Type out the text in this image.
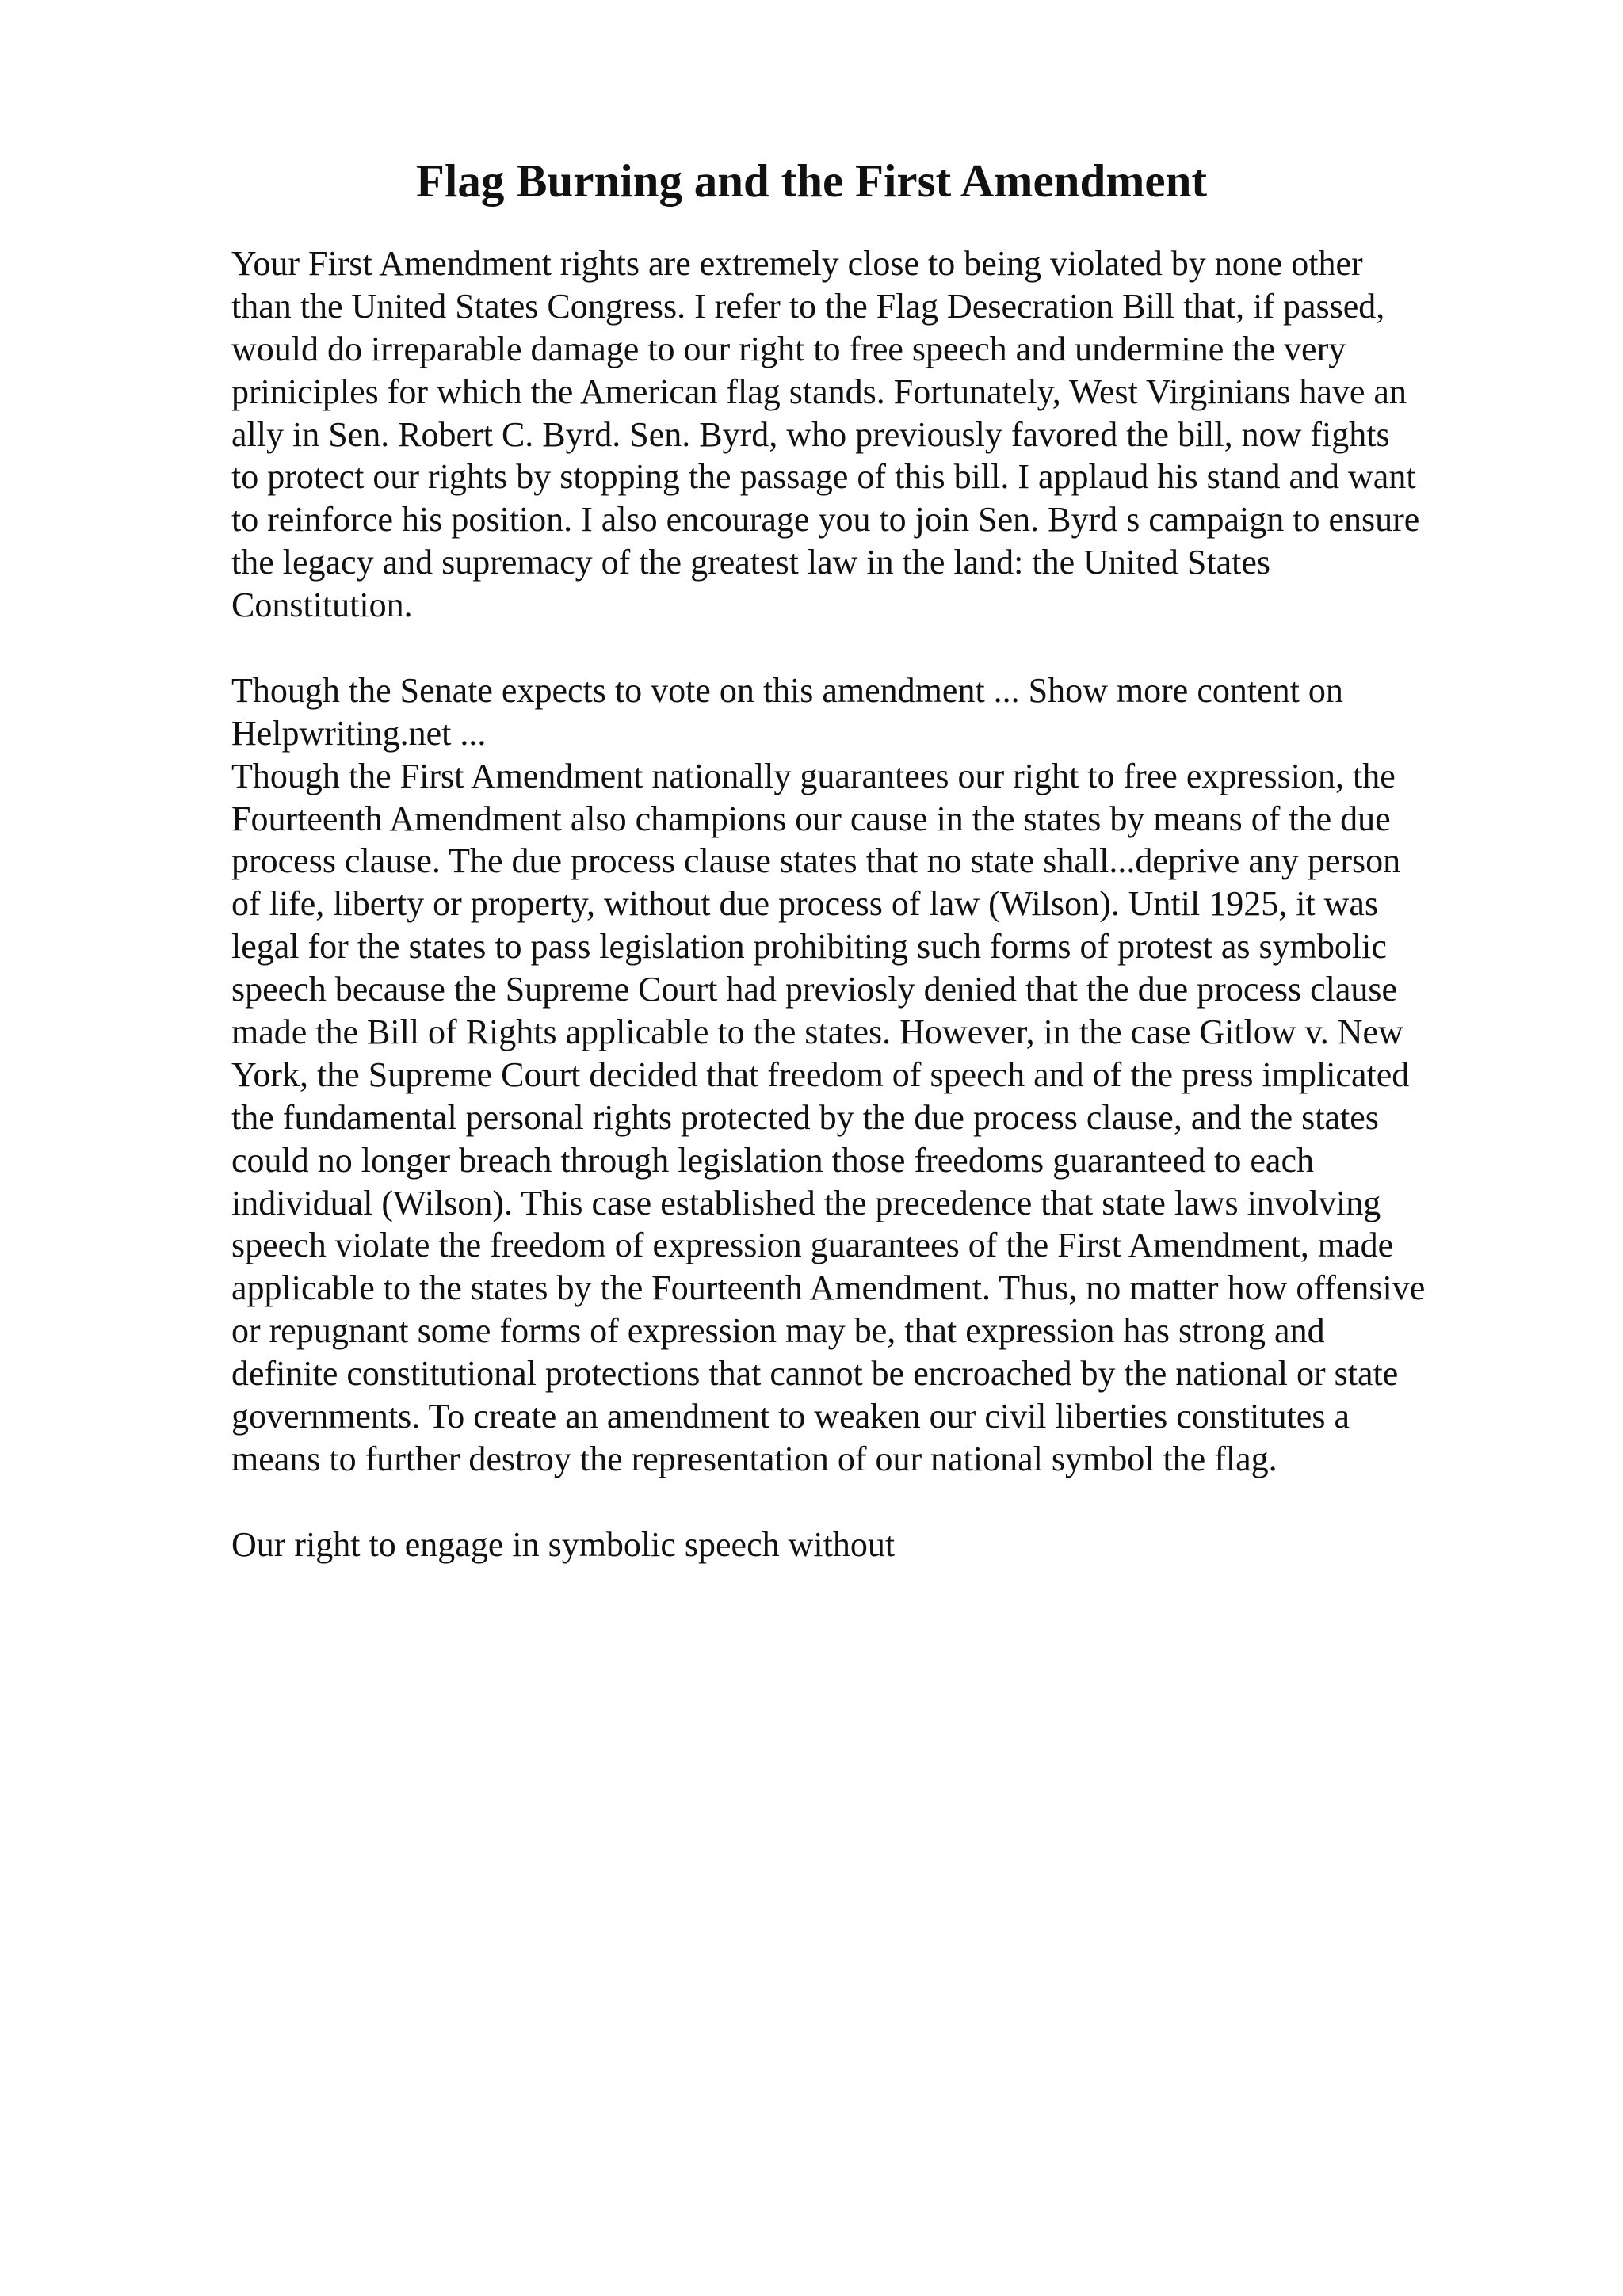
Flag Burning and the First Amendment
Your First Amendment rights are extremely close to being violated by none other
than the United States Congress. I refer to the Flag Desecration Bill that, if passed,
would do irreparable damage to our right to free speech and undermine the very
priniciples for which the American flag stands. Fortunately, West Virginians have an
ally in Sen. Robert C. Byrd. Sen. Byrd, who previously favored the bill, now fights
to protect our rights by stopping the passage of this bill. I applaud his stand and want
to reinforce his position. I also encourage you to join Sen. Byrd s campaign to ensure
the legacy and supremacy of the greatest law in the land: the United States
Constitution.
Though the Senate expects to vote on this amendment ... Show more content on
Helpwriting.net ...
Though the First Amendment nationally guarantees our right to free expression, the
Fourteenth Amendment also champions our cause in the states by means of the due
process clause. The due process clause states that no state shall...deprive any person
of life, liberty or property, without due process of law (Wilson). Until 1925, it was
legal for the states to pass legislation prohibiting such forms of protest as symbolic
speech because the Supreme Court had previosly denied that the due process clause
made the Bill of Rights applicable to the states. However, in the case Gitlow v. New
York, the Supreme Court decided that freedom of speech and of the press implicated
the fundamental personal rights protected by the due process clause, and the states
could no longer breach through legislation those freedoms guaranteed to each
individual (Wilson). This case established the precedence that state laws involving
speech violate the freedom of expression guarantees of the First Amendment, made
applicable to the states by the Fourteenth Amendment. Thus, no matter how offensive
or repugnant some forms of expression may be, that expression has strong and
definite constitutional protections that cannot be encroached by the national or state
governments. To create an amendment to weaken our civil liberties constitutes a
means to further destroy the representation of our national symbol the flag.
Our right to engage in symbolic speech without
